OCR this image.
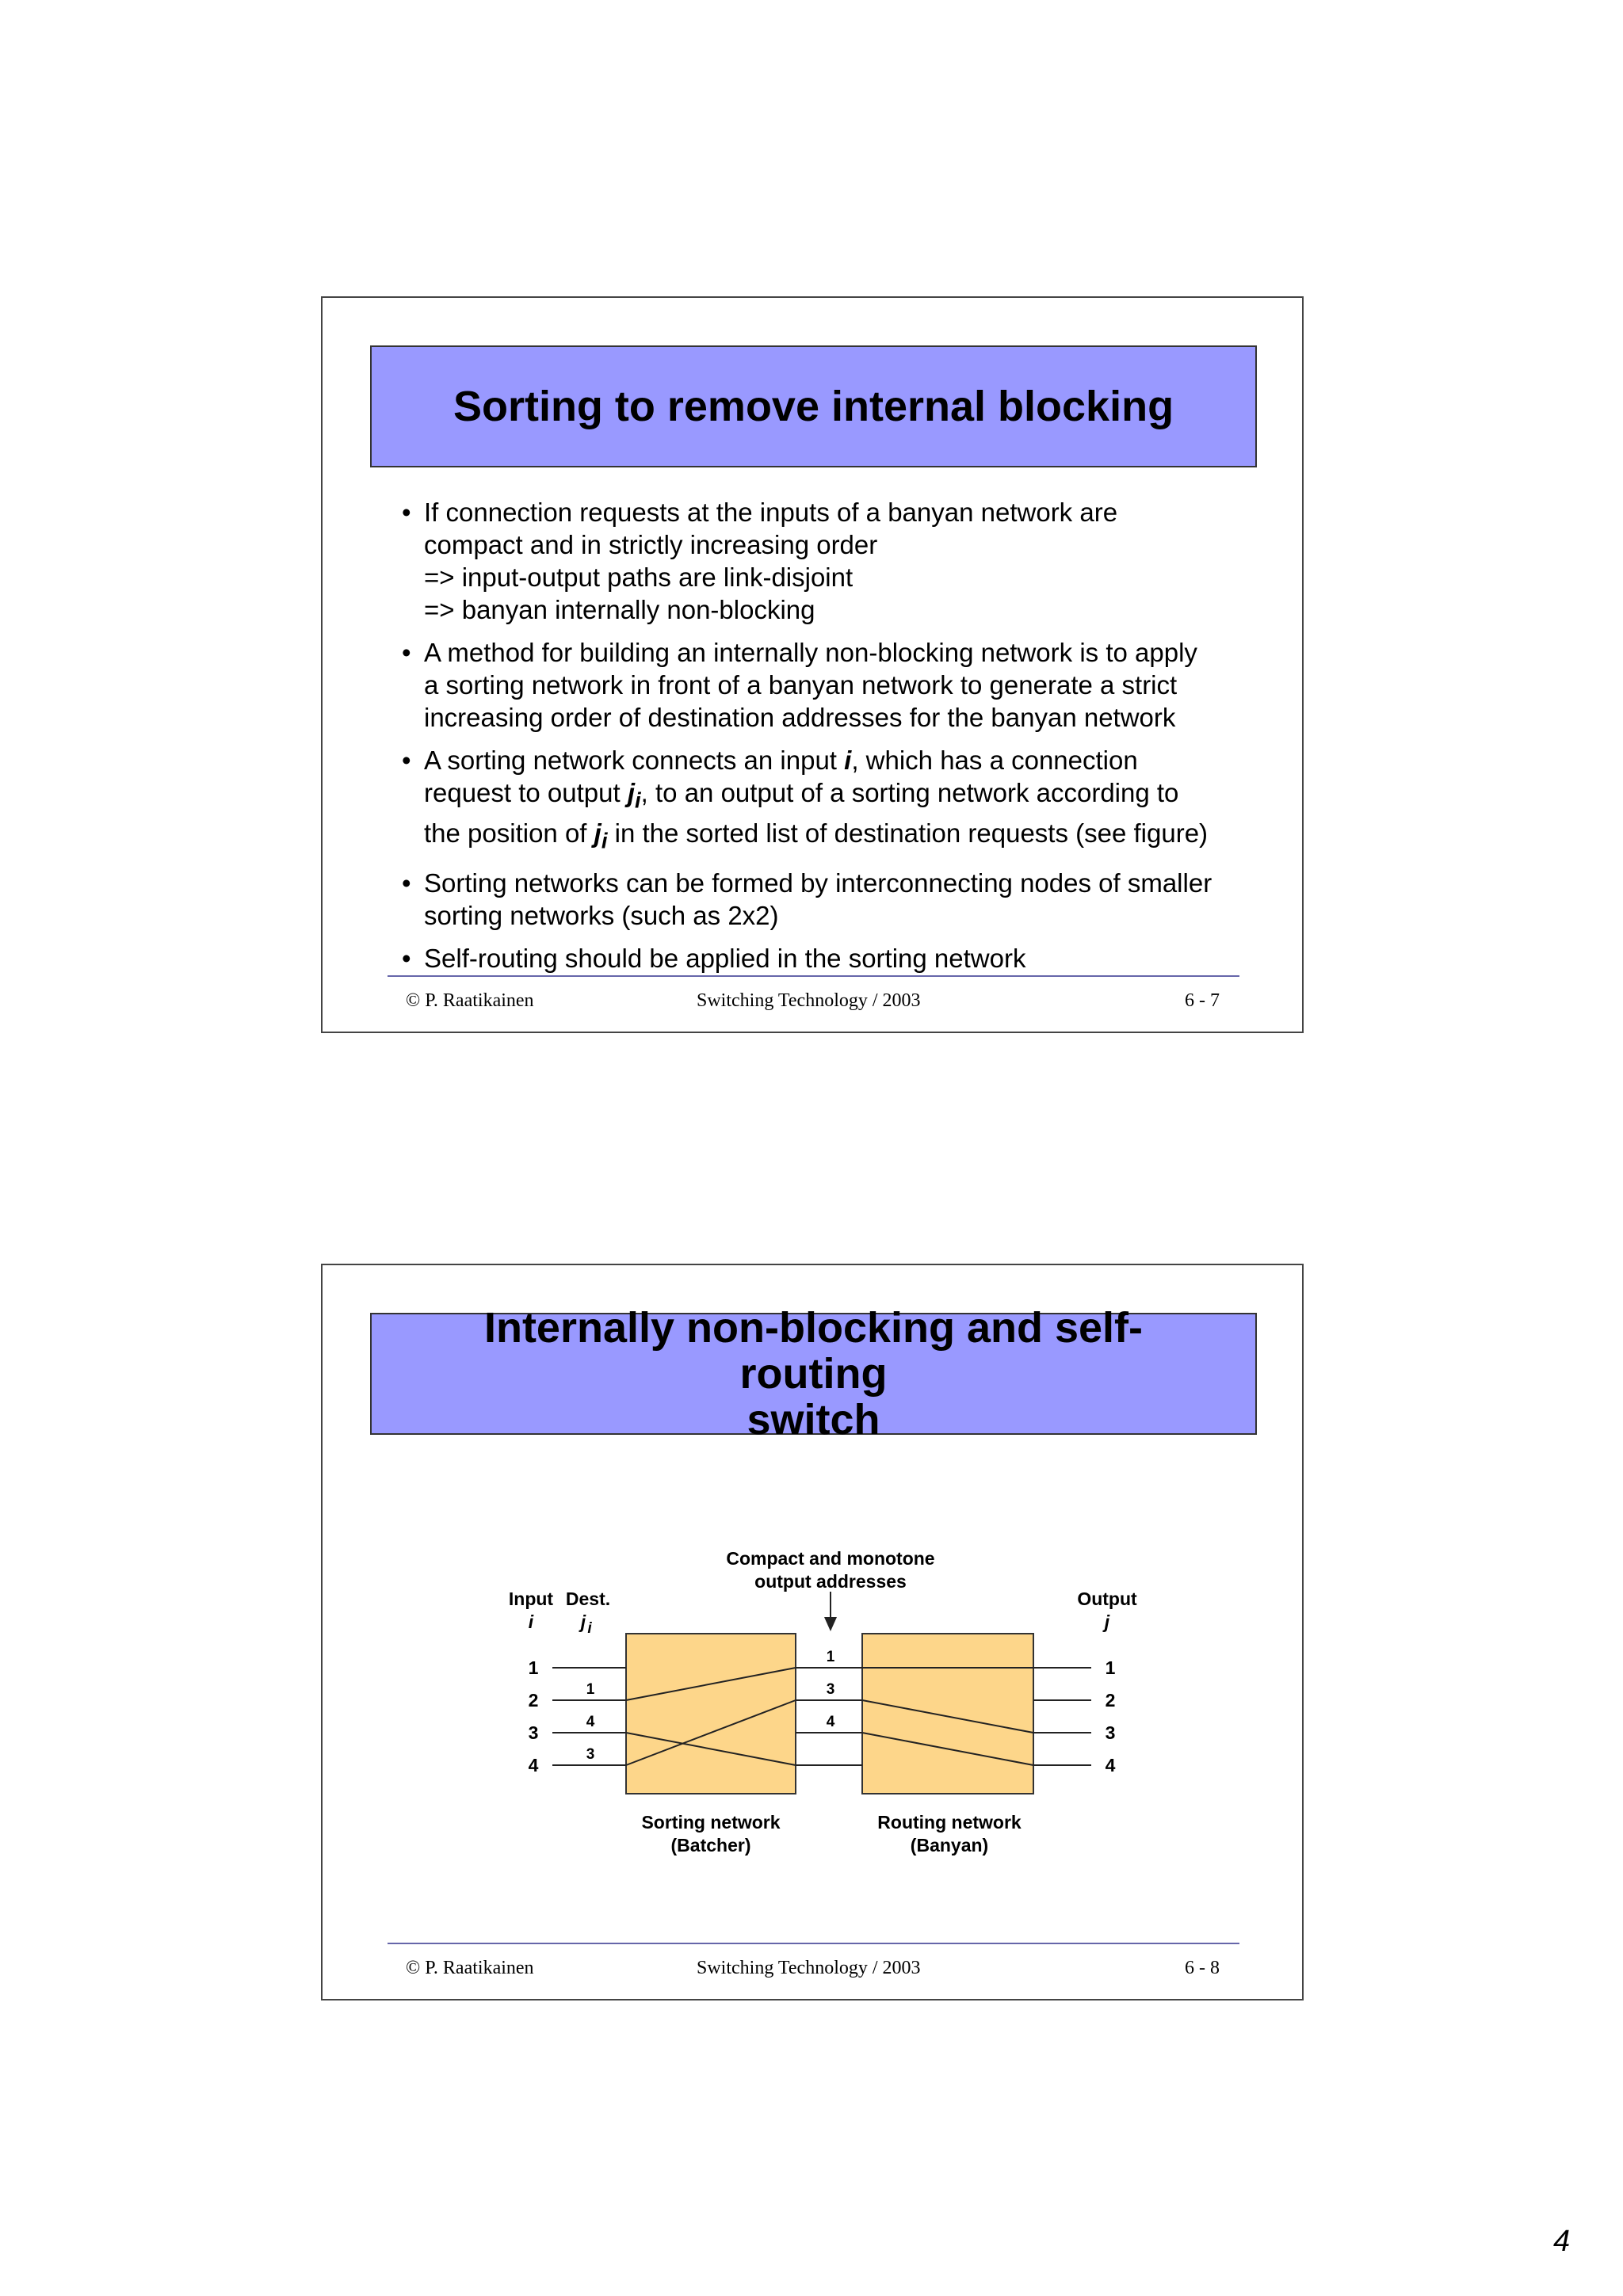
Sorting to remove internal blocking
• If connection requests at the inputs of a banyan network are
compact and in strictly increasing order
=> input-output paths are link-disjoint
=> banyan internally non-blocking
• A method for building an internally non-blocking network is to apply
a sorting network in front of a banyan network to generate a strict
increasing order of destination addresses for the banyan network
• A sorting network connects an input i, which has a connection
request to output $j_i$, to an output of a sorting network according to
the position of $j_i$ in the sorted list of destination requests (see figure)
• Sorting networks can be formed by interconnecting nodes of smaller
sorting networks (such as 2x2)
• Self-routing should be applied in the sorting network
© P. Raatikainen	Switching Technology / 2003	6 - 7
Internally non-blocking and self-routing
switch
Compact and monotone
output addresses
Input
i
Dest.
j i
Output
j
1
2
3
4
1
4
3
1
3
4
1
2
3
4
Sorting network
(Batcher)
Routing network
(Banyan)
© P. Raatikainen	Switching Technology / 2003	6 - 8
4
